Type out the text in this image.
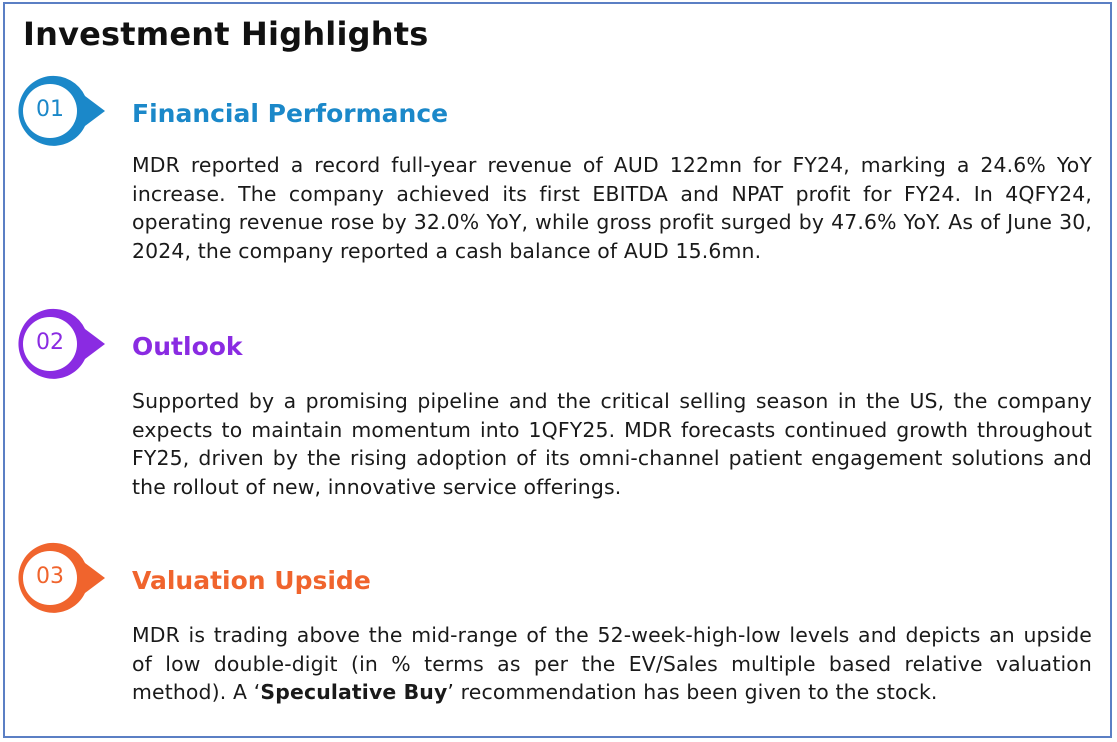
Investment Highlights
01	Financial Performance
MDR reported a record full-year revenue of AUD 122mn for FY24, marking a 24.6% YoY increase. The company achieved its first EBITDA and NPAT profit for FY24. In 4QFY24, operating revenue rose by 32.0% YoY, while gross profit surged by 47.6% YoY. As of June 30, 2024, the company reported a cash balance of AUD 15.6mn.
02	Outlook
Supported by a promising pipeline and the critical selling season in the US, the company expects to maintain momentum into 1QFY25. MDR forecasts continued growth throughout FY25, driven by the rising adoption of its omni-channel patient engagement solutions and the rollout of new, innovative service offerings.
03	Valuation Upside
MDR is trading above the mid-range of the 52-week-high-low levels and depicts an upside of low double-digit (in % terms as per the EV/Sales multiple based relative valuation method). A ‘Speculative Buy’ recommendation has been given to the stock.
